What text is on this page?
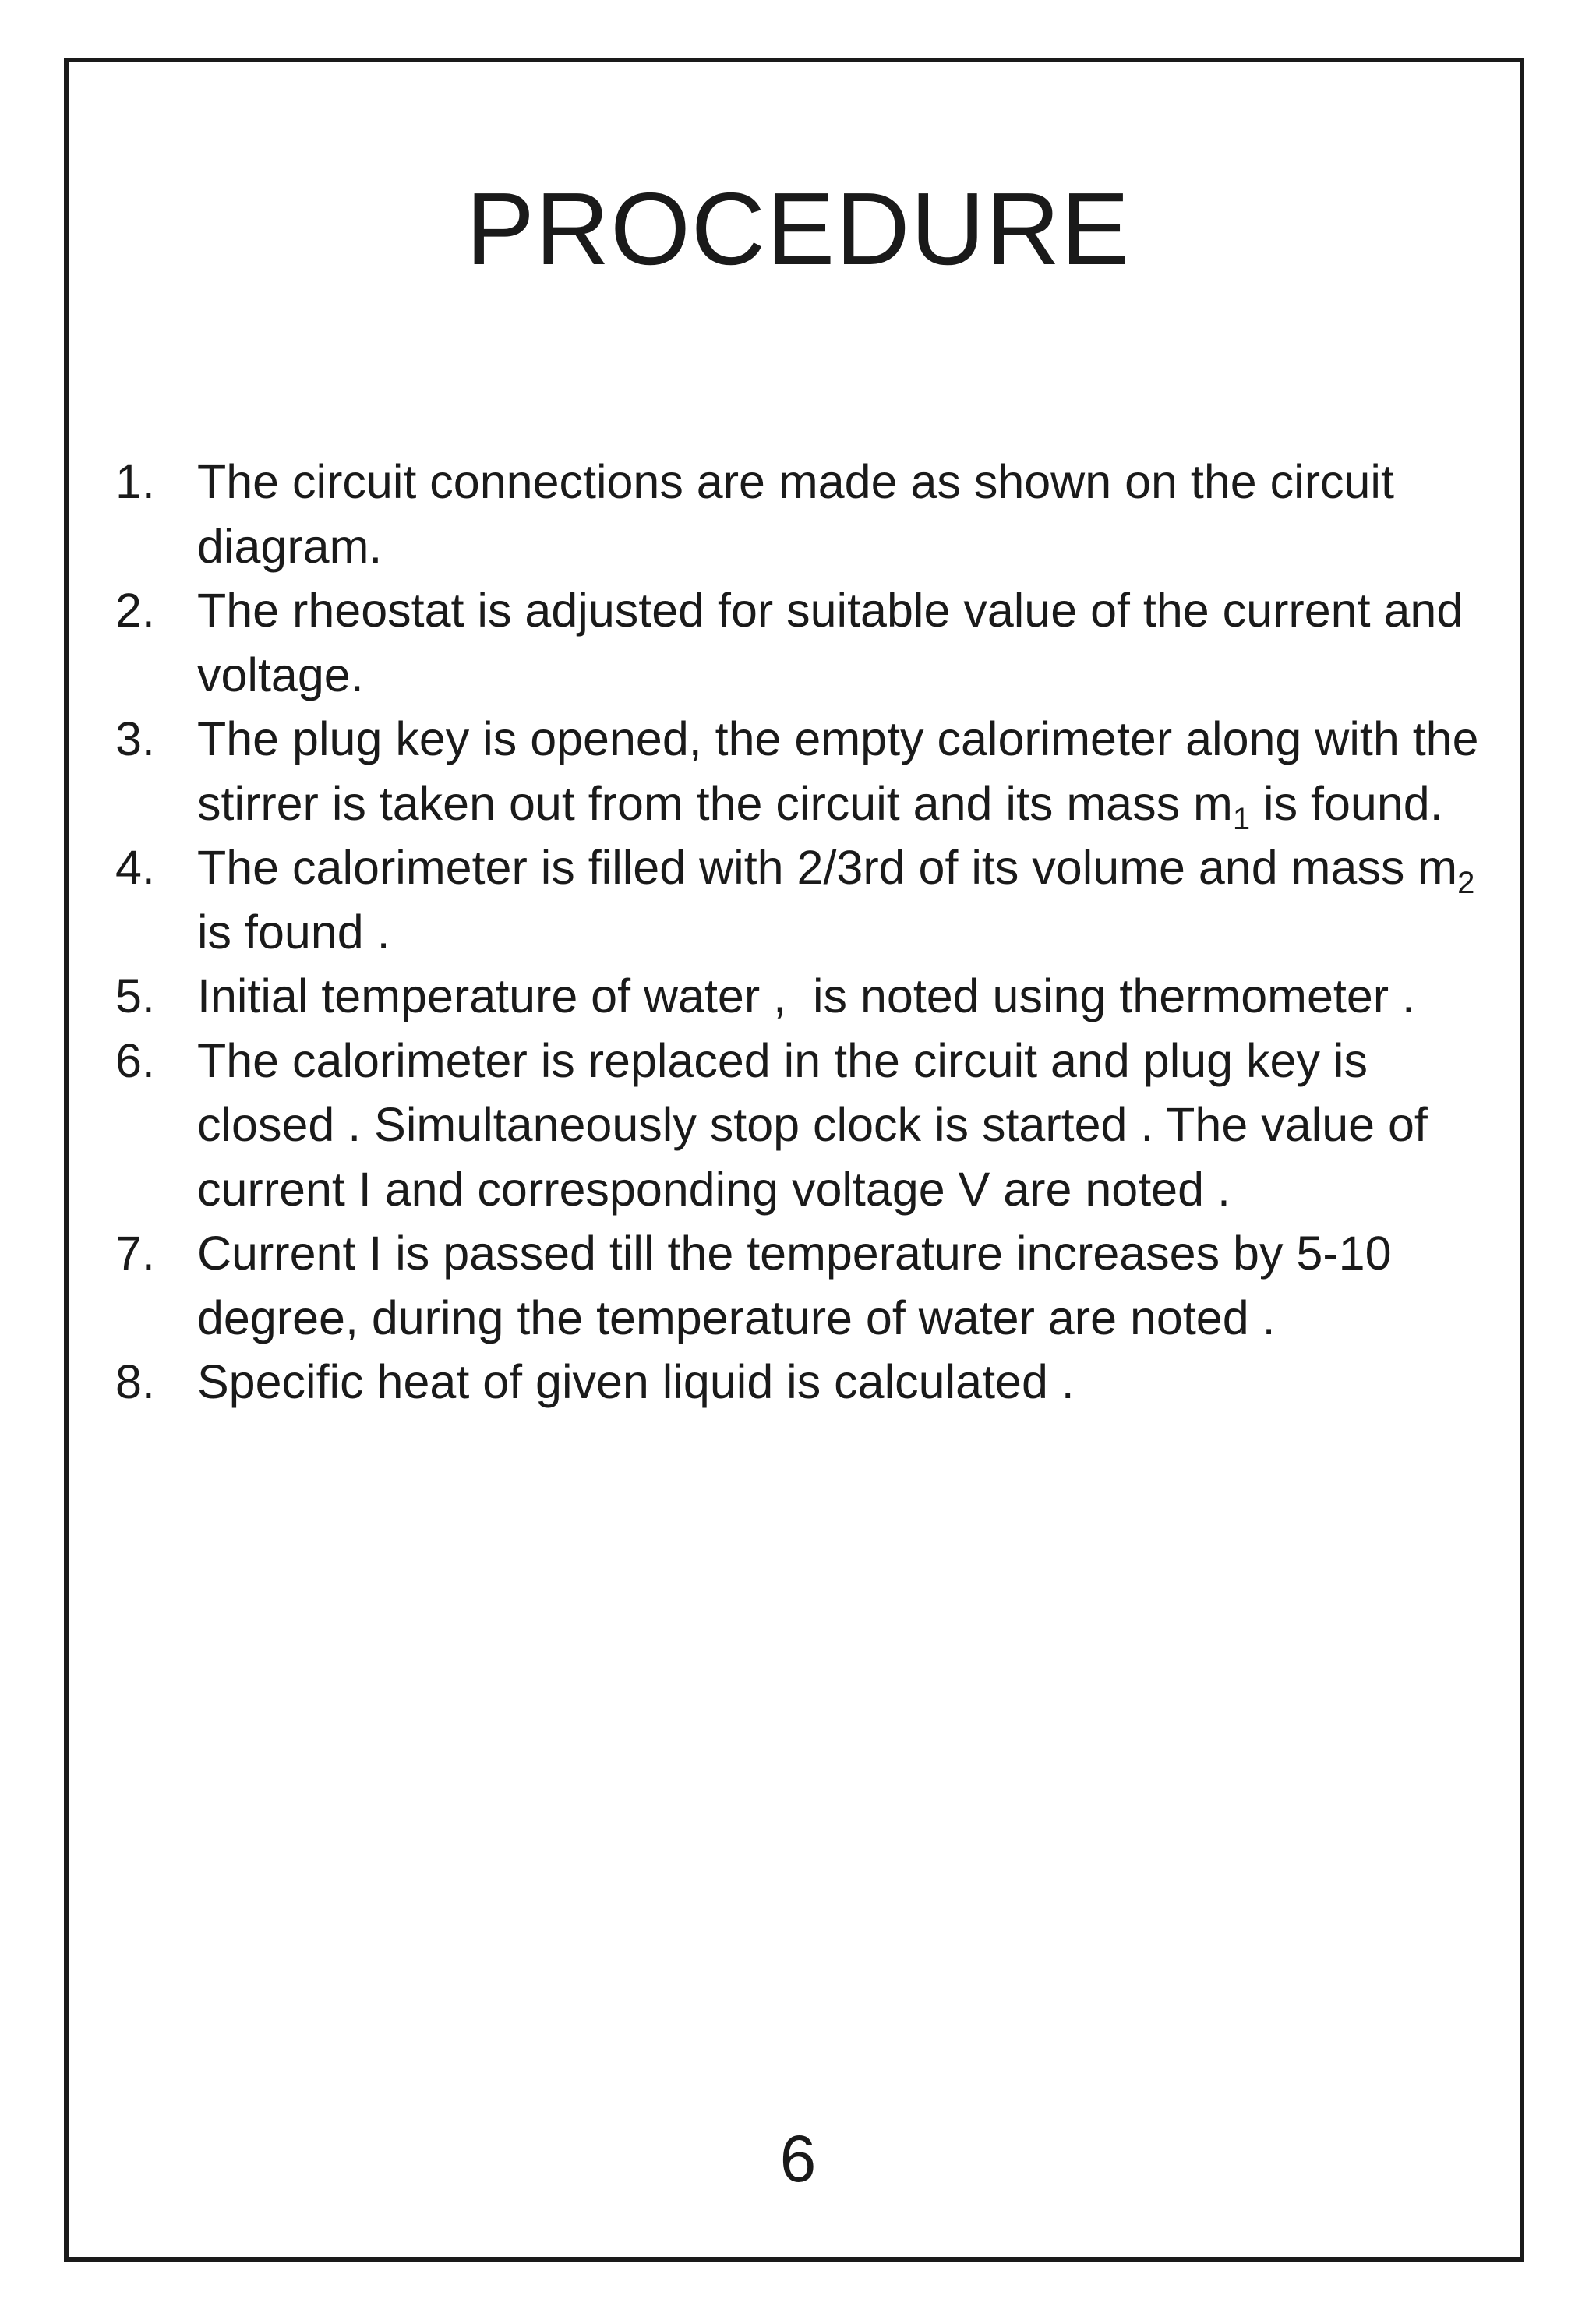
PROCEDURE
1. The circuit connections are made as shown on the circuit diagram.
2. The rheostat is adjusted for suitable value of the current and voltage.
3. The plug key is opened, the empty calorimeter along with the stirrer is taken out from the circuit and its mass $m_1$ is found.
4. The calorimeter is filled with 2/3rd of its volume and mass $m_2$ is found .
5. Initial temperature of water ,  is noted using thermometer .
6. The calorimeter is replaced in the circuit and plug key is closed . Simultaneously stop clock is started . The value of current I and corresponding voltage V are noted .
7. Current I is passed till the temperature increases by 5-10 degree, during the temperature of water are noted .
8. Specific heat of given liquid is calculated .
6
